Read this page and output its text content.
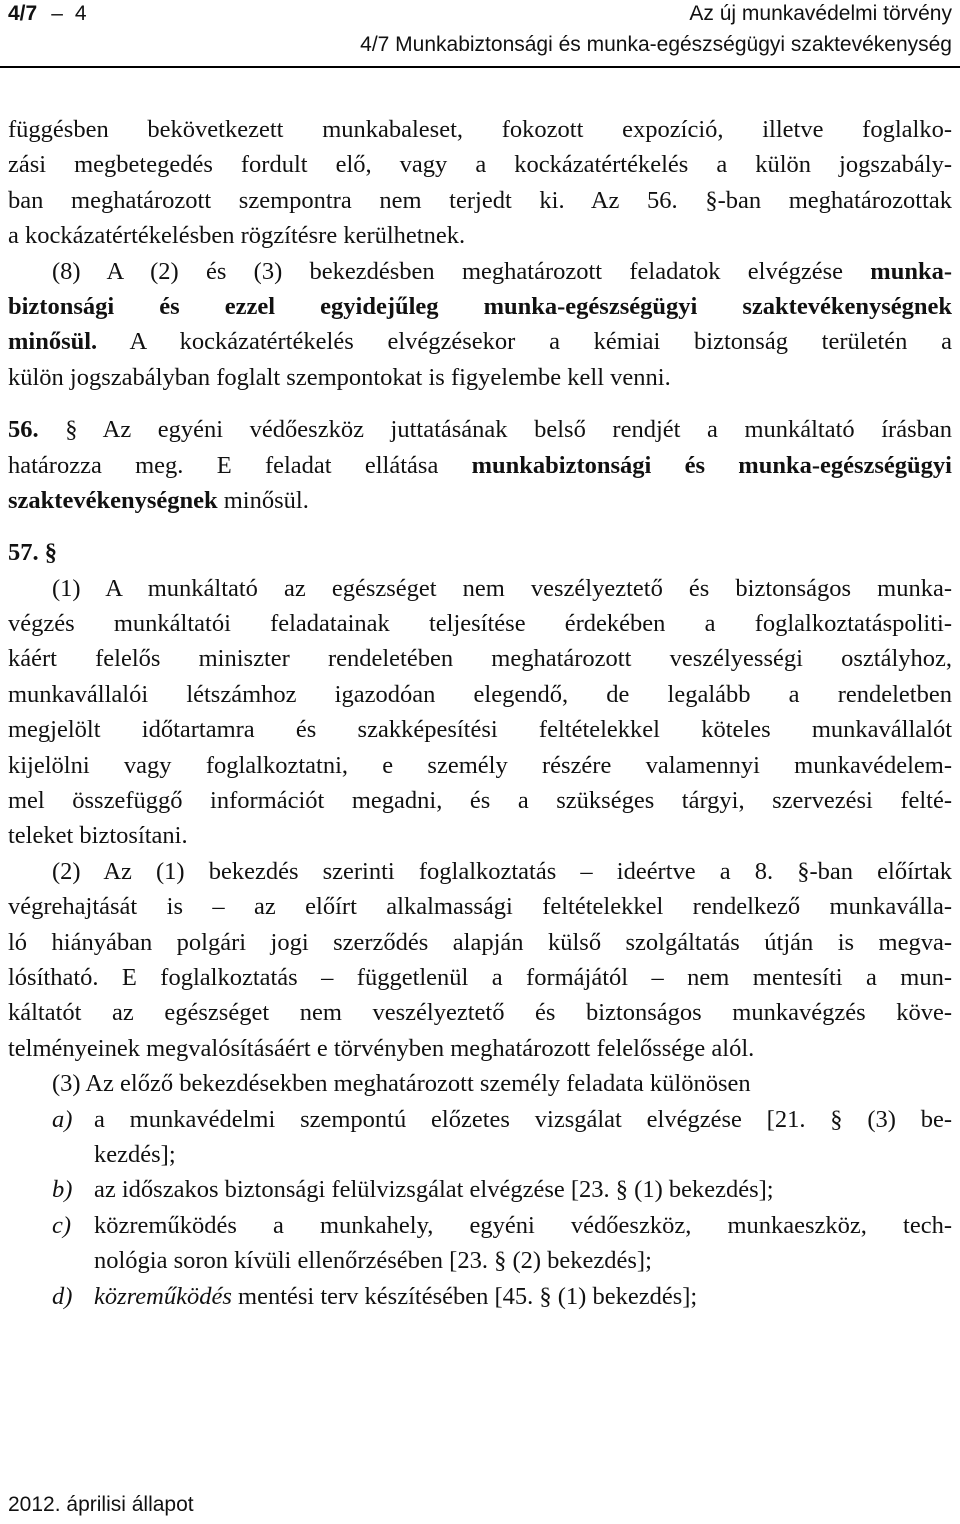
4/7 – 4	Az új munkavédelmi törvény
4/7 Munkabiztonsági és munka-egészségügyi szaktevékenység
függésben bekövetkezett munkabaleset, fokozott expozíció, illetve foglalko-
zási megbetegedés fordult elő, vagy a kockázatértékelés a külön jogszabály-
ban meghatározott szempontra nem terjedt ki. Az 56. §-ban meghatározottak
a kockázatértékelésben rögzítésre kerülhetnek.
(8) A (2) és (3) bekezdésben meghatározott feladatok elvégzése munka-
biztonsági és ezzel egyidejűleg munka-egészségügyi szaktevékenységnek
minősül. A kockázatértékelés elvégzésekor a kémiai biztonság területén a
külön jogszabályban foglalt szempontokat is figyelembe kell venni.
56. § Az egyéni védőeszköz juttatásának belső rendjét a munkáltató írásban
határozza meg. E feladat ellátása munkabiztonsági és munka-egészségügyi
szaktevékenységnek minősül.
57. §
(1) A munkáltató az egészséget nem veszélyeztető és biztonságos munka-
végzés munkáltatói feladatainak teljesítése érdekében a foglalkoztatáspoliti-
káért felelős miniszter rendeletében meghatározott veszélyességi osztályhoz,
munkavállalói létszámhoz igazodóan elegendő, de legalább a rendeletben
megjelölt időtartamra és szakképesítési feltételekkel köteles munkavállalót
kijelölni vagy foglalkoztatni, e személy részére valamennyi munkavédelem-
mel összefüggő információt megadni, és a szükséges tárgyi, szervezési felté-
teleket biztosítani.
(2) Az (1) bekezdés szerinti foglalkoztatás – ideértve a 8. §-ban előírtak
végrehajtását is – az előírt alkalmassági feltételekkel rendelkező munkaválla-
ló hiányában polgári jogi szerződés alapján külső szolgáltatás útján is megva-
lósítható. E foglalkoztatás – függetlenül a formájától – nem mentesíti a mun-
káltatót az egészséget nem veszélyeztető és biztonságos munkavégzés köve-
telményeinek megvalósításáért e törvényben meghatározott felelőssége alól.
(3) Az előző bekezdésekben meghatározott személy feladata különösen
a) a munkavédelmi szempontú előzetes vizsgálat elvégzése [21. § (3) be-
kezdés];
b) az időszakos biztonsági felülvizsgálat elvégzése [23. § (1) bekezdés];
c) közreműködés a munkahely, egyéni védőeszköz, munkaeszköz, tech-
nológia soron kívüli ellenőrzésében [23. § (2) bekezdés];
d) közreműködés mentési terv készítésében [45. § (1) bekezdés];
2012. áprilisi állapot
